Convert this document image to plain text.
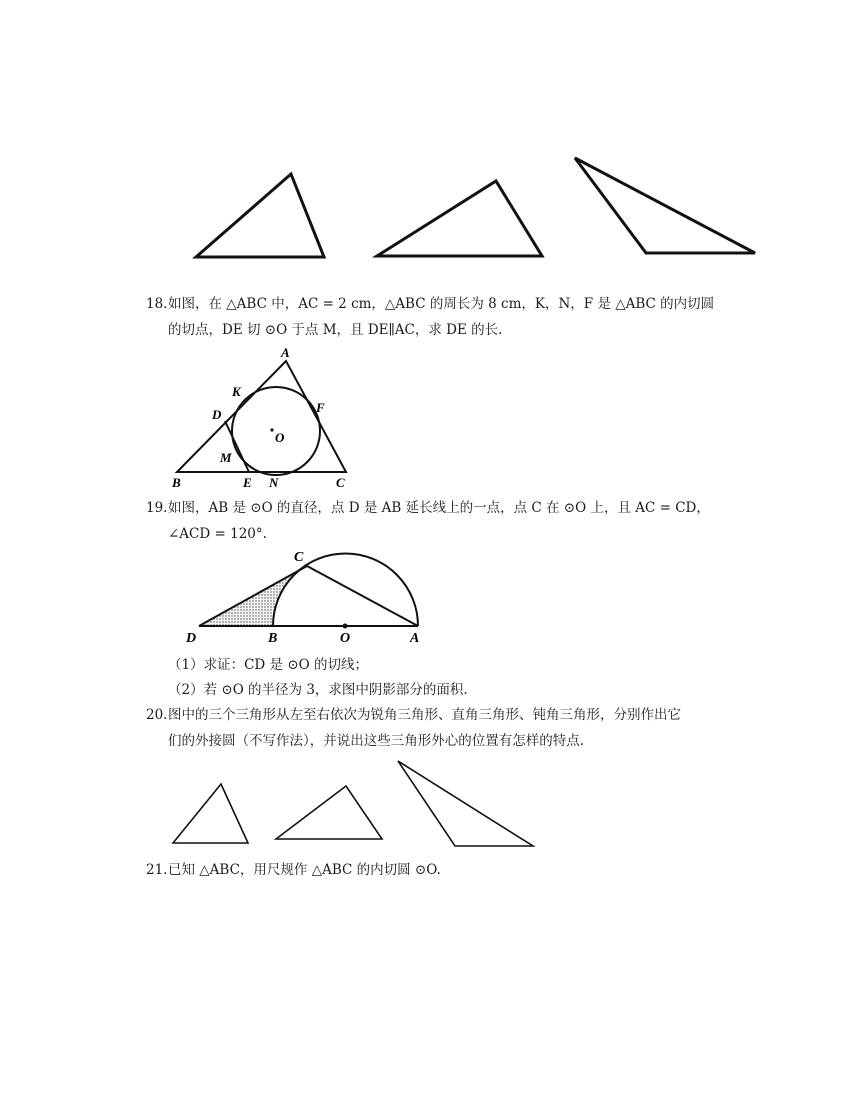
18. 如图，在 △ABC 中，AC = 2 cm，△ABC 的周长为 8 cm，K，N，F 是 △ABC 的内切圆
的切点，DE 切 ⊙O 于点 M，且 DE∥AC，求 DE 的长.
A
K
F
D
O
M
B	E N	C
19. 如图，AB 是 ⊙O 的直径，点 D 是 AB 延长线上的一点，点 C 在 ⊙O 上，且 AC = CD，
∠ACD = 120°.
C
D	B	O	A
（1）求证：CD 是 ⊙O 的切线；
（2）若 ⊙O 的半径为 3，求图中阴影部分的面积.
20. 图中的三个三角形从左至右依次为锐角三角形、直角三角形、钝角三角形，分别作出它
们的外接圆（不写作法），并说出这些三角形外心的位置有怎样的特点.
21. 已知 △ABC，用尺规作 △ABC 的内切圆 ⊙O.
